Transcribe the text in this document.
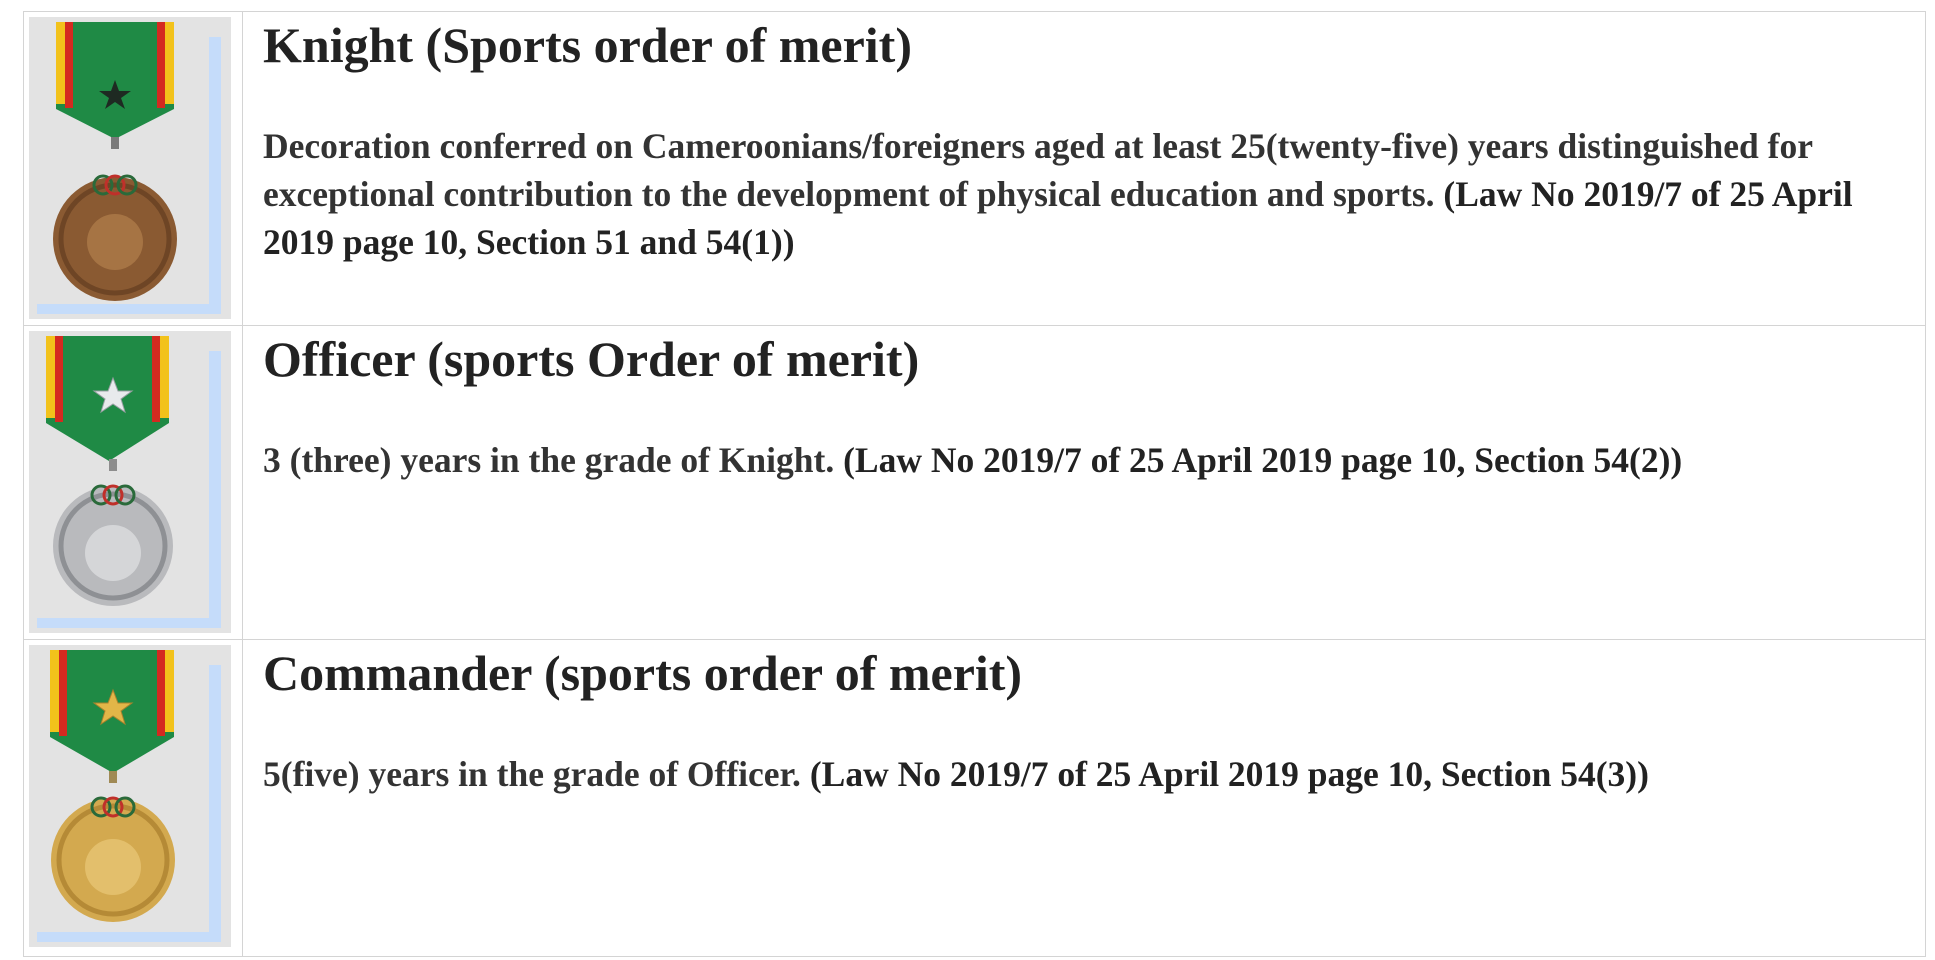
Knight (Sports order of merit)

Decoration conferred on Cameroonians/foreigners aged at least 25(twenty-five) years distinguished for exceptional contribution to the development of physical education and sports. (Law No 2019/7 of 25 April 2019 page 10, Section 51 and 54(1))

Officer (sports Order of merit)

3 (three) years in the grade of Knight. (Law No 2019/7 of 25 April 2019 page 10, Section 54(2))

Commander (sports order of merit)

5(five) years in the grade of Officer. (Law No 2019/7 of 25 April 2019 page 10, Section 54(3))
